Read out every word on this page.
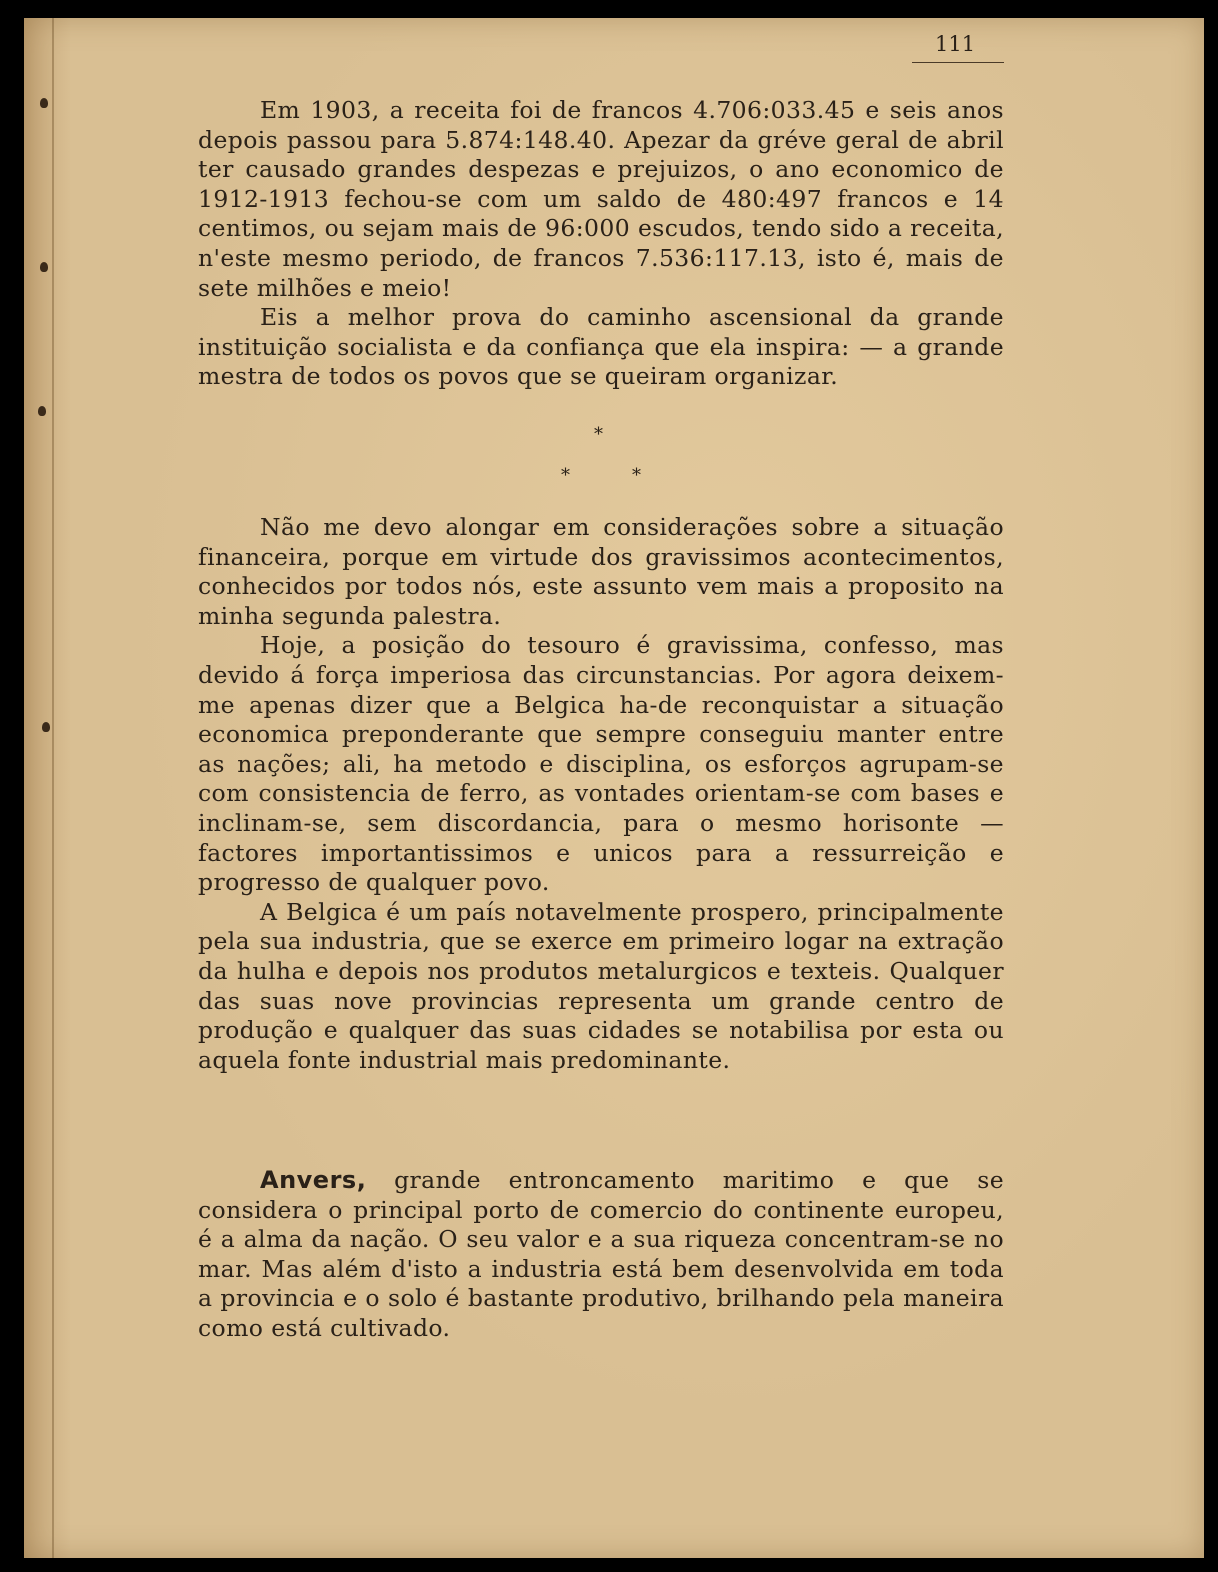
111

Em 1903, a receita foi de francos 4.706:033.45 e seis anos depois passou para 5.874:148.40. Apezar da gréve geral de abril ter causado grandes despezas e prejuizos, o ano economico de 1912-1913 fechou-se com um saldo de 480:497 francos e 14 centimos, ou sejam mais de 96:000 escudos, tendo sido a receita, n'este mesmo periodo, de francos 7.536:117.13, isto é, mais de sete milhões e meio!

Eis a melhor prova do caminho ascensional da grande instituição socialista e da confiança que ela inspira: — a grande mestra de todos os povos que se queiram organizar.

*
*	*

Não me devo alongar em considerações sobre a situação financeira, porque em virtude dos gravissimos acontecimentos, conhecidos por todos nós, este assunto vem mais a proposito na minha segunda palestra.

Hoje, a posição do tesouro é gravissima, confesso, mas devido á força imperiosa das circunstancias. Por agora deixem-me apenas dizer que a Belgica ha-de reconquistar a situação economica preponderante que sempre conseguiu manter entre as nações; ali, ha metodo e disciplina, os esforços agrupam-se com consistencia de ferro, as vontades orientam-se com bases e inclinam-se, sem discordancia, para o mesmo horisonte — factores importantissimos e unicos para a ressurreição e progresso de qualquer povo.

A Belgica é um país notavelmente prospero, principalmente pela sua industria, que se exerce em primeiro logar na extração da hulha e depois nos produtos metalurgicos e texteis. Qualquer das suas nove provincias representa um grande centro de produção e qualquer das suas cidades se notabilisa por esta ou aquela fonte industrial mais predominante.

Anvers, grande entroncamento maritimo e que se considera o principal porto de comercio do continente europeu, é a alma da nação. O seu valor e a sua riqueza concentram-se no mar. Mas além d'isto a industria está bem desenvolvida em toda a provincia e o solo é bastante produtivo, brilhando pela maneira como está cultivado.
